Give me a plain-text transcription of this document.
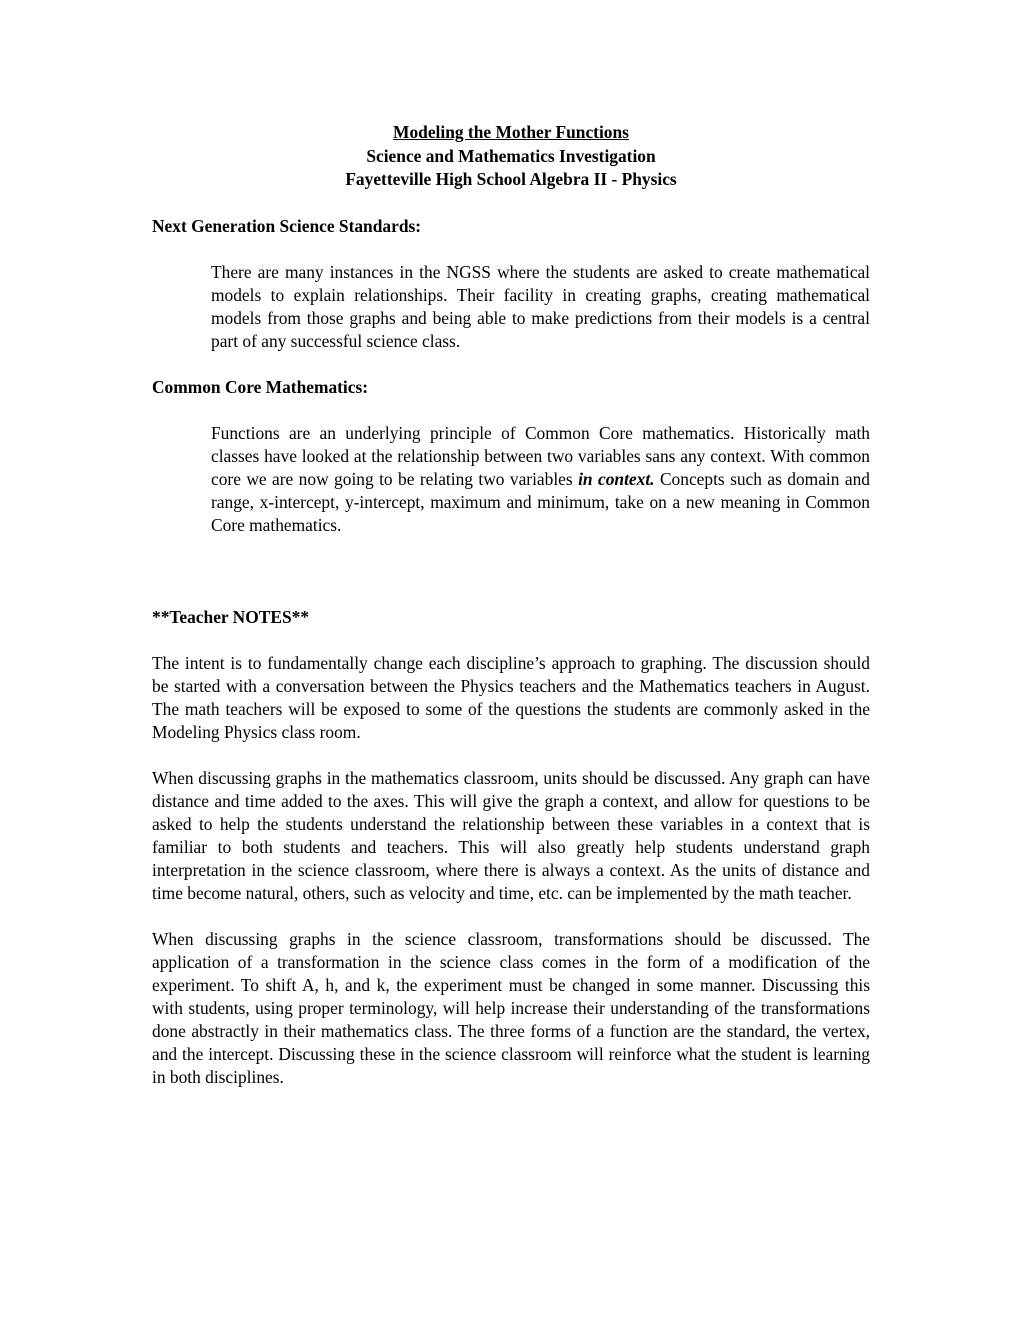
Modeling the Mother Functions
Science and Mathematics Investigation
Fayetteville High School Algebra II - Physics

Next Generation Science Standards:

There are many instances in the NGSS where the students are asked to create mathematical models to explain relationships. Their facility in creating graphs, creating mathematical models from those graphs and being able to make predictions from their models is a central part of any successful science class.

Common Core Mathematics:

Functions are an underlying principle of Common Core mathematics. Historically math classes have looked at the relationship between two variables sans any context. With common core we are now going to be relating two variables in context. Concepts such as domain and range, x-intercept, y-intercept, maximum and minimum, take on a new meaning in Common Core mathematics.

**Teacher NOTES**

The intent is to fundamentally change each discipline’s approach to graphing. The discussion should be started with a conversation between the Physics teachers and the Mathematics teachers in August. The math teachers will be exposed to some of the questions the students are commonly asked in the Modeling Physics class room.

When discussing graphs in the mathematics classroom, units should be discussed. Any graph can have distance and time added to the axes. This will give the graph a context, and allow for questions to be asked to help the students understand the relationship between these variables in a context that is familiar to both students and teachers. This will also greatly help students understand graph interpretation in the science classroom, where there is always a context. As the units of distance and time become natural, others, such as velocity and time, etc. can be implemented by the math teacher.

When discussing graphs in the science classroom, transformations should be discussed. The application of a transformation in the science class comes in the form of a modification of the experiment. To shift A, h, and k, the experiment must be changed in some manner. Discussing this with students, using proper terminology, will help increase their understanding of the transformations done abstractly in their mathematics class. The three forms of a function are the standard, the vertex, and the intercept. Discussing these in the science classroom will reinforce what the student is learning in both disciplines.
